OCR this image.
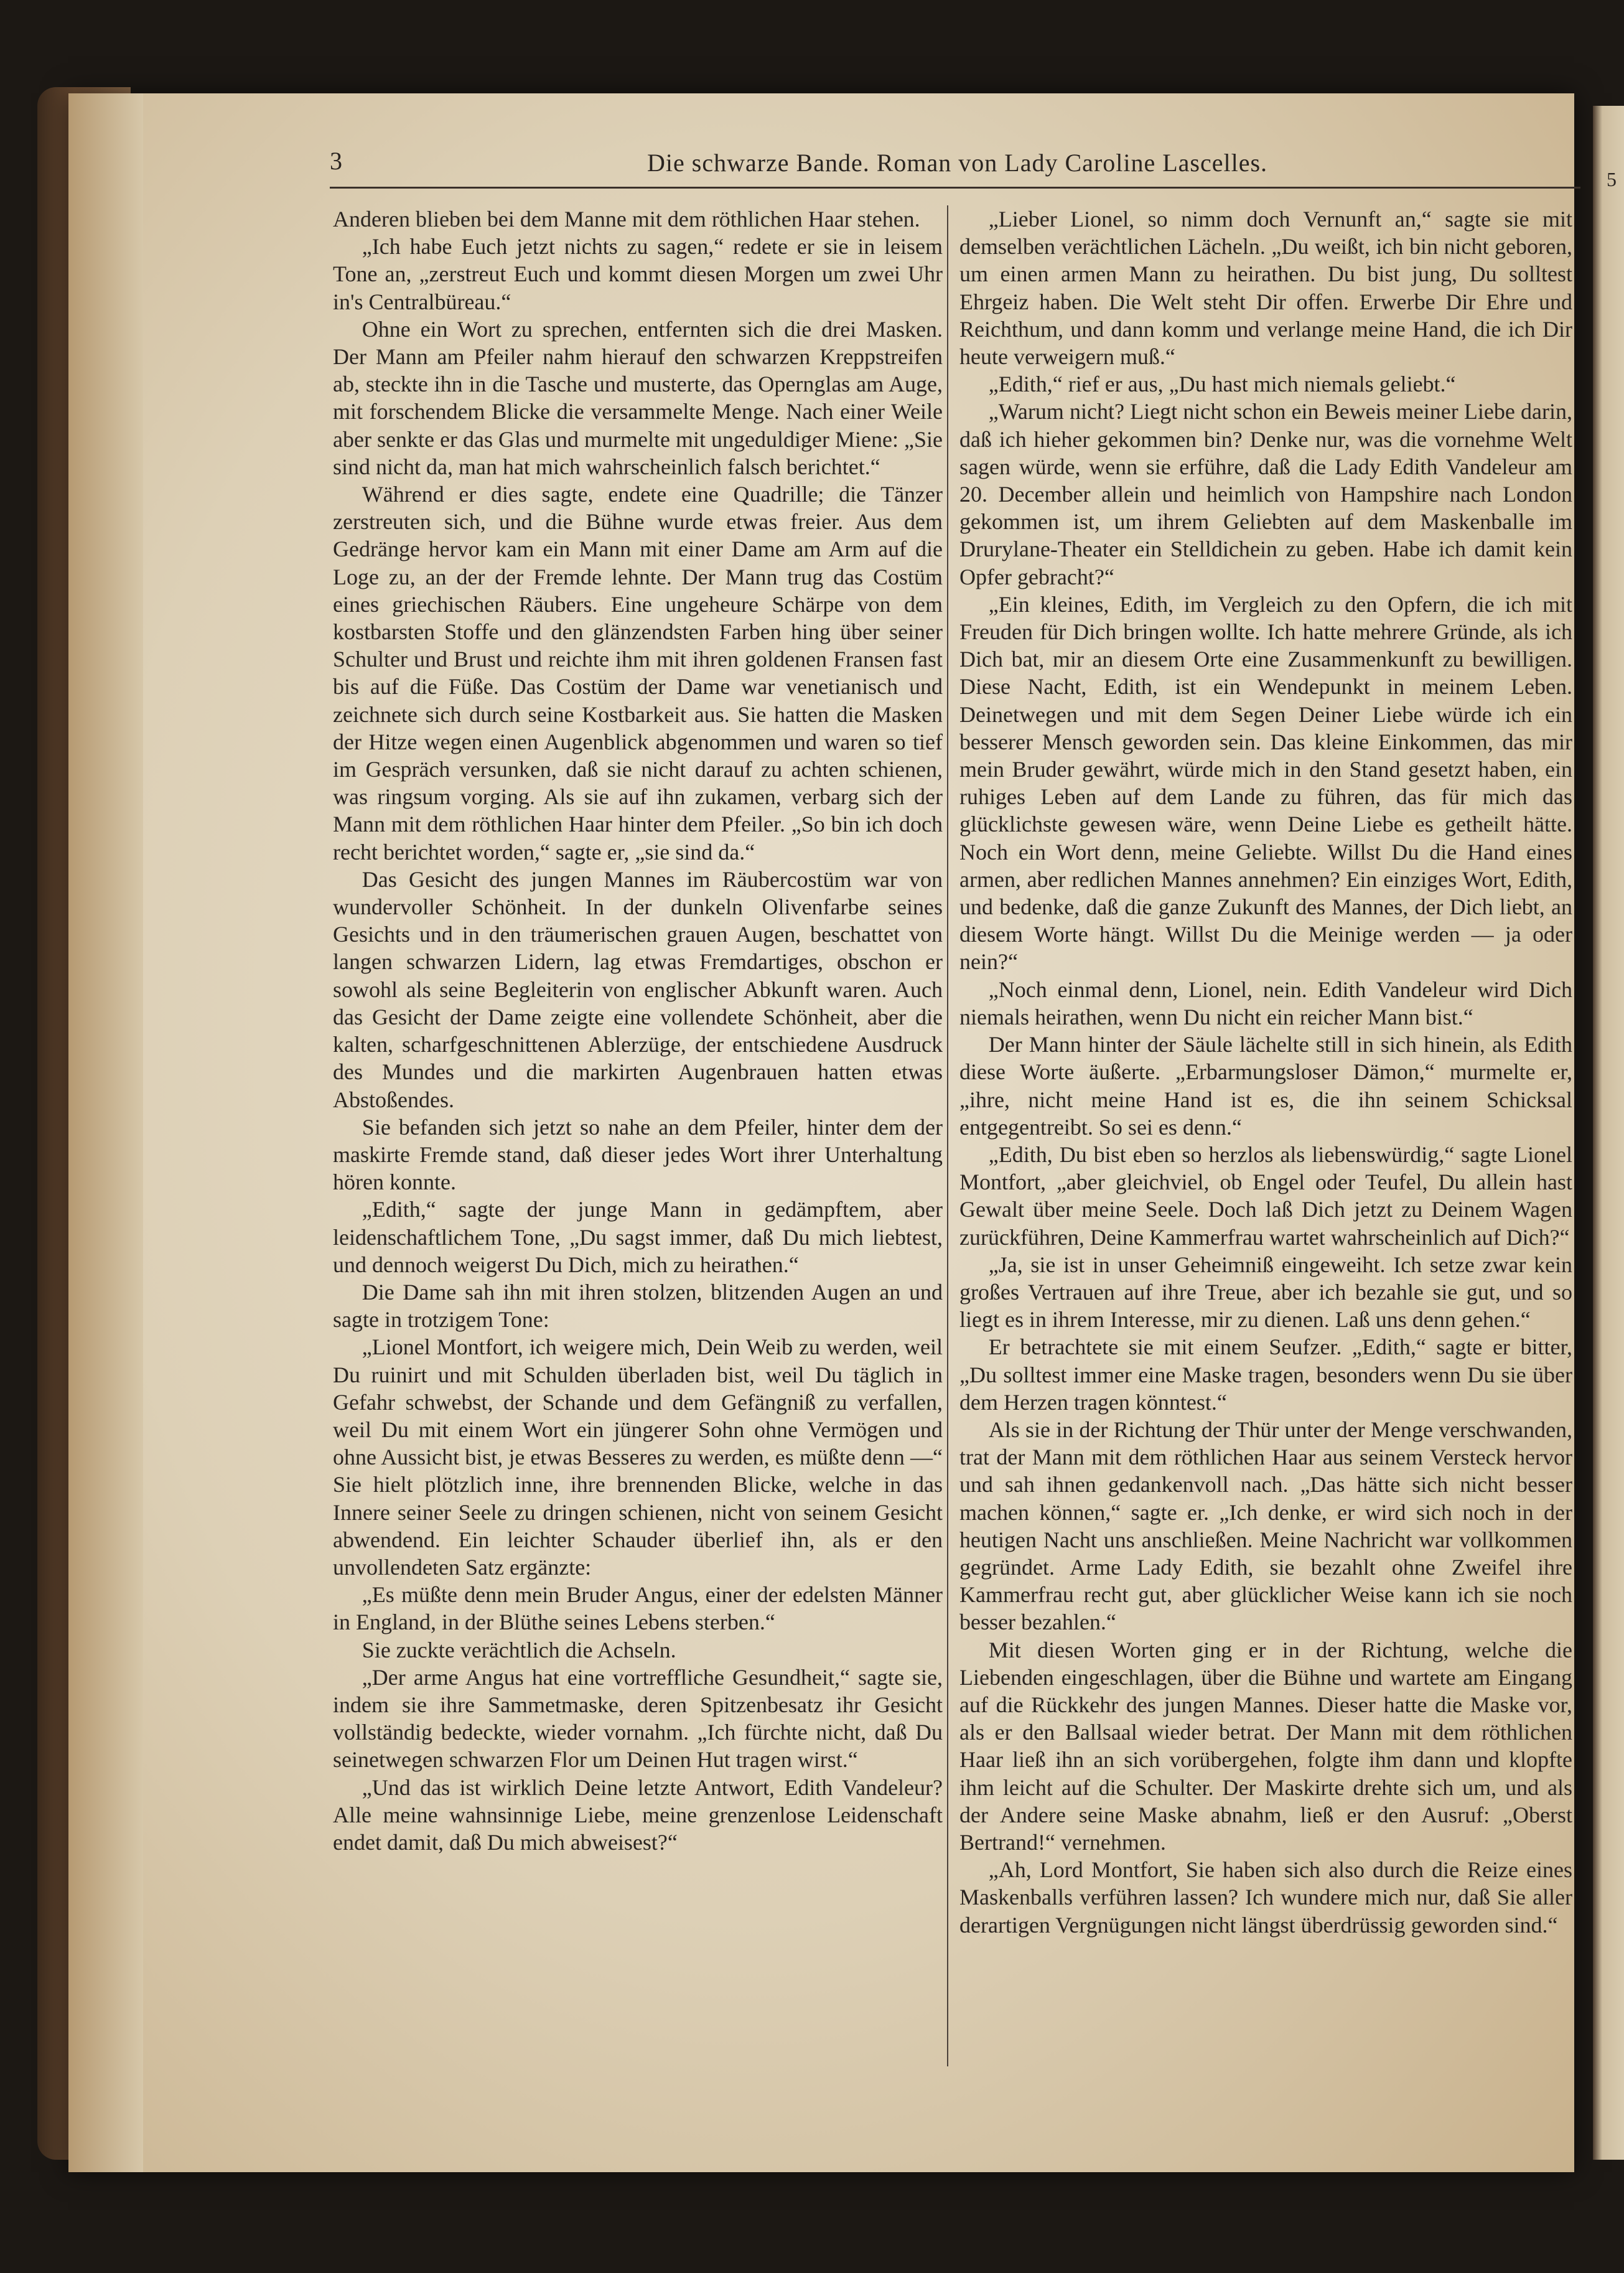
5
3	Die schwarze Bande. Roman von Lady Caroline Lascelles.

Anderen blieben bei dem Manne mit dem röthlichen Haar stehen.

„Ich habe Euch jetzt nichts zu sagen,“ redete er sie in leisem Tone an, „zerstreut Euch und kommt diesen Morgen um zwei Uhr in's Centralbüreau.“

Ohne ein Wort zu sprechen, entfernten sich die drei Masken. Der Mann am Pfeiler nahm hierauf den schwarzen Kreppstreifen ab, steckte ihn in die Tasche und musterte, das Opernglas am Auge, mit forschendem Blicke die versammelte Menge. Nach einer Weile aber senkte er das Glas und murmelte mit ungeduldiger Miene: „Sie sind nicht da, man hat mich wahrscheinlich falsch berichtet.“

Während er dies sagte, endete eine Quadrille; die Tänzer zerstreuten sich, und die Bühne wurde etwas freier. Aus dem Gedränge hervor kam ein Mann mit einer Dame am Arm auf die Loge zu, an der der Fremde lehnte. Der Mann trug das Costüm eines griechischen Räubers. Eine ungeheure Schärpe von dem kostbarsten Stoffe und den glänzendsten Farben hing über seiner Schulter und Brust und reichte ihm mit ihren goldenen Fransen fast bis auf die Füße. Das Costüm der Dame war venetianisch und zeichnete sich durch seine Kostbarkeit aus. Sie hatten die Masken der Hitze wegen einen Augenblick abgenommen und waren so tief im Gespräch versunken, daß sie nicht darauf zu achten schienen, was ringsum vorging. Als sie auf ihn zukamen, verbarg sich der Mann mit dem röthlichen Haar hinter dem Pfeiler. „So bin ich doch recht berichtet worden,“ sagte er, „sie sind da.“

Das Gesicht des jungen Mannes im Räubercostüm war von wundervoller Schönheit. In der dunkeln Olivenfarbe seines Gesichts und in den träumerischen grauen Augen, beschattet von langen schwarzen Lidern, lag etwas Fremdartiges, obschon er sowohl als seine Begleiterin von englischer Abkunft waren. Auch das Gesicht der Dame zeigte eine vollendete Schönheit, aber die kalten, scharfgeschnittenen Ablerzüge, der entschiedene Ausdruck des Mundes und die markirten Augenbrauen hatten etwas Abstoßendes.

Sie befanden sich jetzt so nahe an dem Pfeiler, hinter dem der maskirte Fremde stand, daß dieser jedes Wort ihrer Unterhaltung hören konnte.

„Edith,“ sagte der junge Mann in gedämpftem, aber leidenschaftlichem Tone, „Du sagst immer, daß Du mich liebtest, und dennoch weigerst Du Dich, mich zu heirathen.“

Die Dame sah ihn mit ihren stolzen, blitzenden Augen an und sagte in trotzigem Tone:

„Lionel Montfort, ich weigere mich, Dein Weib zu werden, weil Du ruinirt und mit Schulden überladen bist, weil Du täglich in Gefahr schwebst, der Schande und dem Gefängniß zu verfallen, weil Du mit einem Wort ein jüngerer Sohn ohne Vermögen und ohne Aussicht bist, je etwas Besseres zu werden, es müßte denn —“ Sie hielt plötzlich inne, ihre brennenden Blicke, welche in das Innere seiner Seele zu dringen schienen, nicht von seinem Gesicht abwendend. Ein leichter Schauder überlief ihn, als er den unvollendeten Satz ergänzte:

„Es müßte denn mein Bruder Angus, einer der edelsten Männer in England, in der Blüthe seines Lebens sterben.“

Sie zuckte verächtlich die Achseln.

„Der arme Angus hat eine vortreffliche Gesundheit,“ sagte sie, indem sie ihre Sammetmaske, deren Spitzenbesatz ihr Gesicht vollständig bedeckte, wieder vornahm. „Ich fürchte nicht, daß Du seinetwegen schwarzen Flor um Deinen Hut tragen wirst.“

„Und das ist wirklich Deine letzte Antwort, Edith Vandeleur? Alle meine wahnsinnige Liebe, meine grenzenlose Leidenschaft endet damit, daß Du mich abweisest?“

„Lieber Lionel, so nimm doch Vernunft an,“ sagte sie mit demselben verächtlichen Lächeln. „Du weißt, ich bin nicht geboren, um einen armen Mann zu heirathen. Du bist jung, Du solltest Ehrgeiz haben. Die Welt steht Dir offen. Erwerbe Dir Ehre und Reichthum, und dann komm und verlange meine Hand, die ich Dir heute verweigern muß.“

„Edith,“ rief er aus, „Du hast mich niemals geliebt.“

„Warum nicht? Liegt nicht schon ein Beweis meiner Liebe darin, daß ich hieher gekommen bin? Denke nur, was die vornehme Welt sagen würde, wenn sie erführe, daß die Lady Edith Vandeleur am 20. December allein und heimlich von Hampshire nach London gekommen ist, um ihrem Geliebten auf dem Maskenballe im Drurylane-Theater ein Stelldichein zu geben. Habe ich damit kein Opfer gebracht?“

„Ein kleines, Edith, im Vergleich zu den Opfern, die ich mit Freuden für Dich bringen wollte. Ich hatte mehrere Gründe, als ich Dich bat, mir an diesem Orte eine Zusammenkunft zu bewilligen. Diese Nacht, Edith, ist ein Wendepunkt in meinem Leben. Deinetwegen und mit dem Segen Deiner Liebe würde ich ein besserer Mensch geworden sein. Das kleine Einkommen, das mir mein Bruder gewährt, würde mich in den Stand gesetzt haben, ein ruhiges Leben auf dem Lande zu führen, das für mich das glücklichste gewesen wäre, wenn Deine Liebe es getheilt hätte. Noch ein Wort denn, meine Geliebte. Willst Du die Hand eines armen, aber redlichen Mannes annehmen? Ein einziges Wort, Edith, und bedenke, daß die ganze Zukunft des Mannes, der Dich liebt, an diesem Worte hängt. Willst Du die Meinige werden — ja oder nein?“

„Noch einmal denn, Lionel, nein. Edith Vandeleur wird Dich niemals heirathen, wenn Du nicht ein reicher Mann bist.“

Der Mann hinter der Säule lächelte still in sich hinein, als Edith diese Worte äußerte. „Erbarmungsloser Dämon,“ murmelte er, „ihre, nicht meine Hand ist es, die ihn seinem Schicksal entgegentreibt. So sei es denn.“

„Edith, Du bist eben so herzlos als liebenswürdig,“ sagte Lionel Montfort, „aber gleichviel, ob Engel oder Teufel, Du allein hast Gewalt über meine Seele. Doch laß Dich jetzt zu Deinem Wagen zurückführen, Deine Kammerfrau wartet wahrscheinlich auf Dich?“

„Ja, sie ist in unser Geheimniß eingeweiht. Ich setze zwar kein großes Vertrauen auf ihre Treue, aber ich bezahle sie gut, und so liegt es in ihrem Interesse, mir zu dienen. Laß uns denn gehen.“

Er betrachtete sie mit einem Seufzer. „Edith,“ sagte er bitter, „Du solltest immer eine Maske tragen, besonders wenn Du sie über dem Herzen tragen könntest.“

Als sie in der Richtung der Thür unter der Menge verschwanden, trat der Mann mit dem röthlichen Haar aus seinem Versteck hervor und sah ihnen gedankenvoll nach. „Das hätte sich nicht besser machen können,“ sagte er. „Ich denke, er wird sich noch in der heutigen Nacht uns anschließen. Meine Nachricht war vollkommen gegründet. Arme Lady Edith, sie bezahlt ohne Zweifel ihre Kammerfrau recht gut, aber glücklicher Weise kann ich sie noch besser bezahlen.“

Mit diesen Worten ging er in der Richtung, welche die Liebenden eingeschlagen, über die Bühne und wartete am Eingang auf die Rückkehr des jungen Mannes. Dieser hatte die Maske vor, als er den Ballsaal wieder betrat. Der Mann mit dem röthlichen Haar ließ ihn an sich vorübergehen, folgte ihm dann und klopfte ihm leicht auf die Schulter. Der Maskirte drehte sich um, und als der Andere seine Maske abnahm, ließ er den Ausruf: „Oberst Bertrand!“ vernehmen.

„Ah, Lord Montfort, Sie haben sich also durch die Reize eines Maskenballs verführen lassen? Ich wundere mich nur, daß Sie aller derartigen Vergnügungen nicht längst überdrüssig geworden sind.“
